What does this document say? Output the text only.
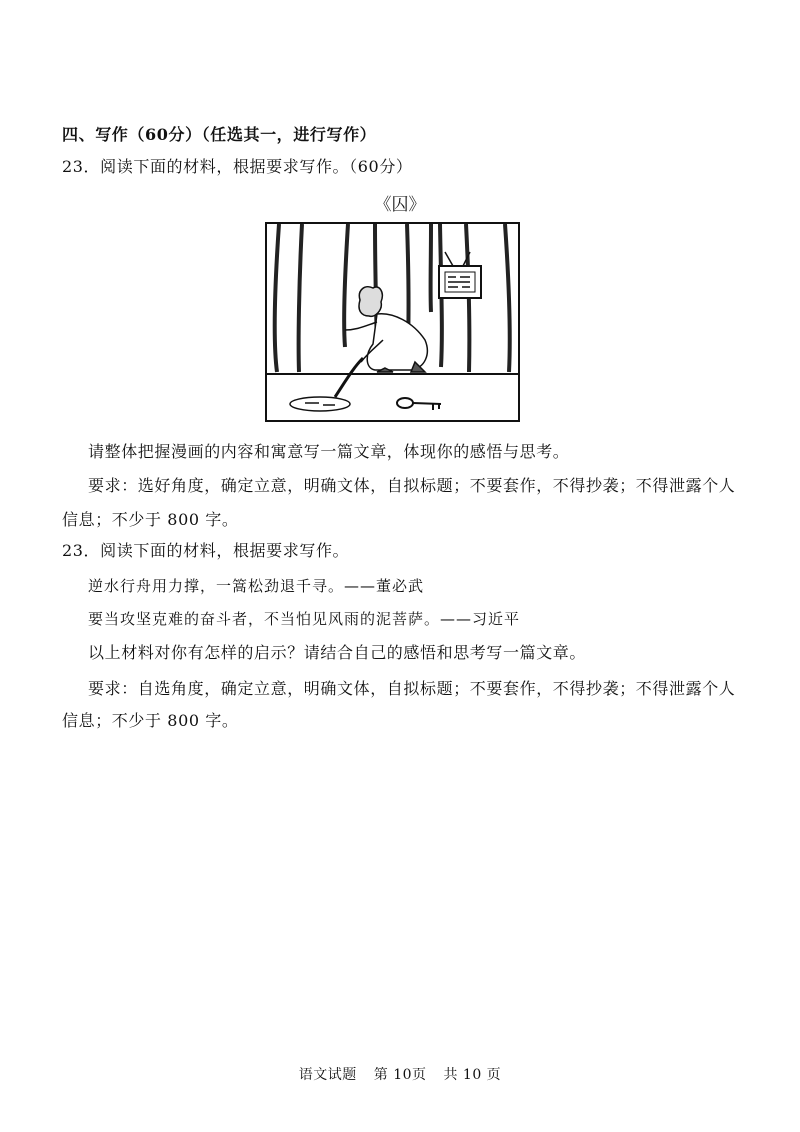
四、写作（60分）（任选其一，进行写作）
23．阅读下面的材料，根据要求写作。（60分）
《囚》
请整体把握漫画的内容和寓意写一篇文章，体现你的感悟与思考。
要求：选好角度，确定立意，明确文体，自拟标题；不要套作，不得抄袭；不得泄露个人
信息；不少于 800 字。
23．阅读下面的材料，根据要求写作。
逆水行舟用力撑，一篙松劲退千寻。——董必武
要当攻坚克难的奋斗者，不当怕见风雨的泥菩萨。——习近平
以上材料对你有怎样的启示？请结合自己的感悟和思考写一篇文章。
要求：自选角度，确定立意，明确文体，自拟标题；不要套作，不得抄袭；不得泄露个人
信息；不少于 800 字。
语文试题 第 10页 共 10 页
